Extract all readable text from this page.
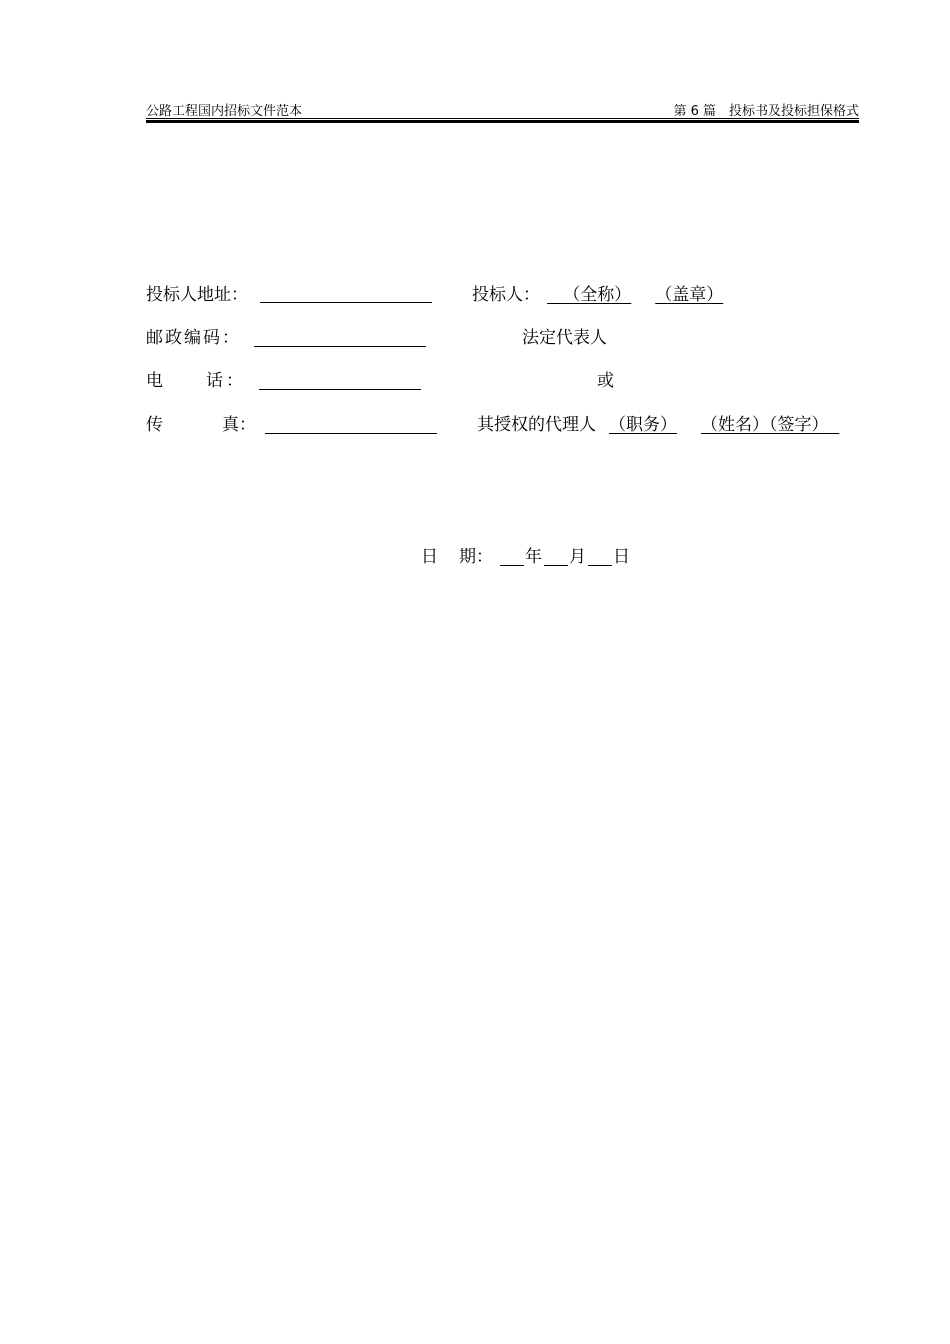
公路工程国内招标文件范本	第 6 篇　投标书及投标担保格式
投标人地址：	投标人：	（全称） （盖章）
邮政编码：	法定代表人
电	话：	或
传	真：	其授权的代理人 （职务） （姓名）（签字）
日 期： 年 月 日
